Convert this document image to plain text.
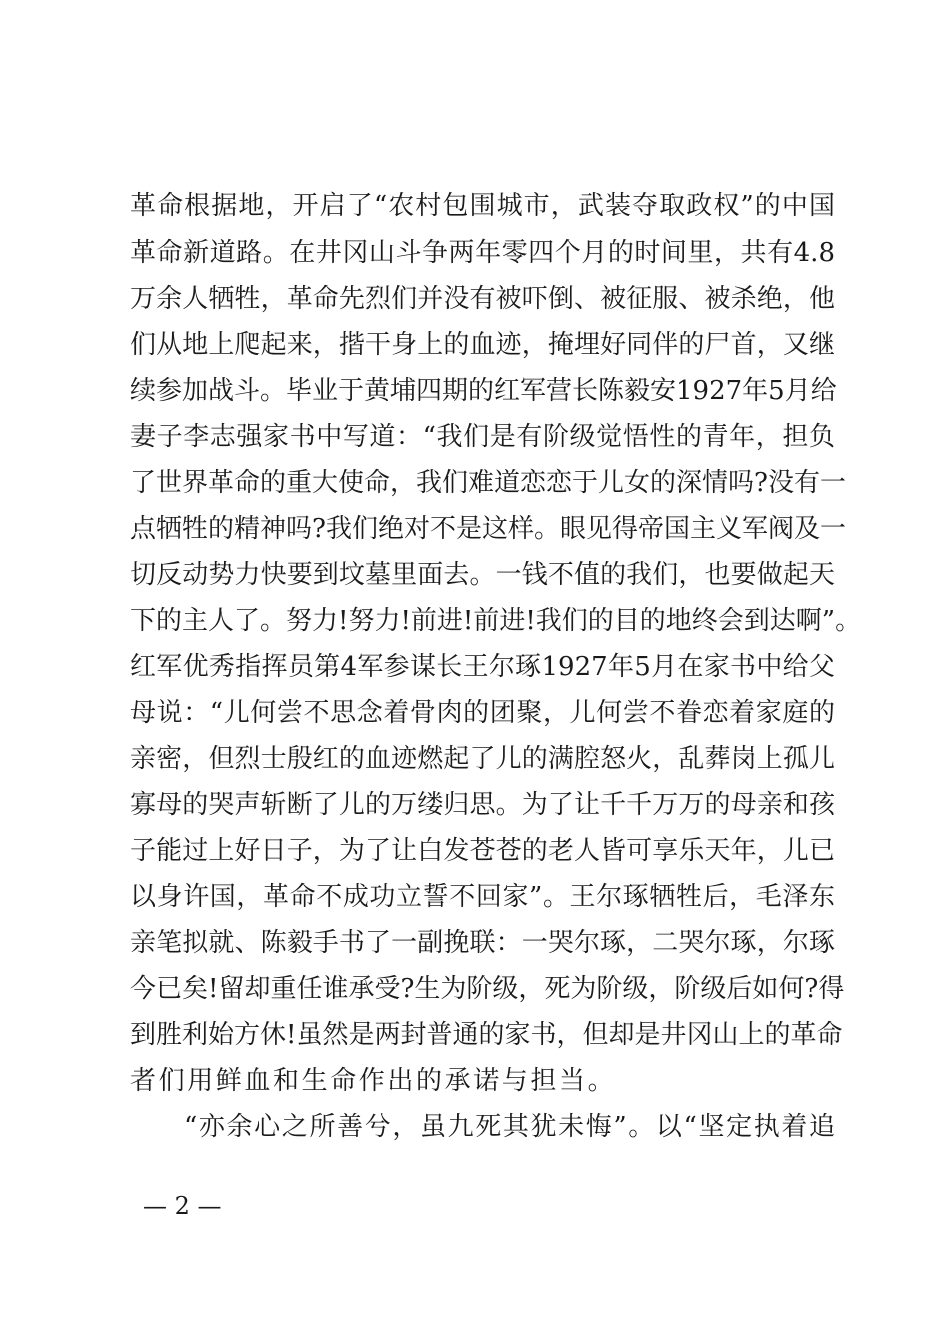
革命根据地，开启了“农村包围城市，武装夺取政权”的中国
革命新道路。在井冈山斗争两年零四个月的时间里，共有4.8
万余人牺牲，革命先烈们并没有被吓倒、被征服、被杀绝，他
们从地上爬起来，揩干身上的血迹，掩埋好同伴的尸首，又继
续参加战斗。毕业于黄埔四期的红军营长陈毅安1927年5月给
妻子李志强家书中写道：“我们是有阶级觉悟性的青年，担负
了世界革命的重大使命，我们难道恋恋于儿女的深情吗?没有一
点牺牲的精神吗?我们绝对不是这样。眼见得帝国主义军阀及一
切反动势力快要到坟墓里面去。一钱不值的我们，也要做起天
下的主人了。努力!努力!前进!前进!我们的目的地终会到达啊”。
红军优秀指挥员第4军参谋长王尔琢1927年5月在家书中给父
母说：“儿何尝不思念着骨肉的团聚，儿何尝不眷恋着家庭的
亲密，但烈士殷红的血迹燃起了儿的满腔怒火，乱葬岗上孤儿
寡母的哭声斩断了儿的万缕归思。为了让千千万万的母亲和孩
子能过上好日子，为了让白发苍苍的老人皆可享乐天年，儿已
以身许国，革命不成功立誓不回家”。王尔琢牺牲后，毛泽东
亲笔拟就、陈毅手书了一副挽联：一哭尔琢，二哭尔琢，尔琢
今已矣!留却重任谁承受?生为阶级，死为阶级，阶级后如何?得
到胜利始方休!虽然是两封普通的家书，但却是井冈山上的革命
者们用鲜血和生命作出的承诺与担当。
“亦余心之所善兮，虽九死其犹未悔”。以“坚定执着追
— 2 —
